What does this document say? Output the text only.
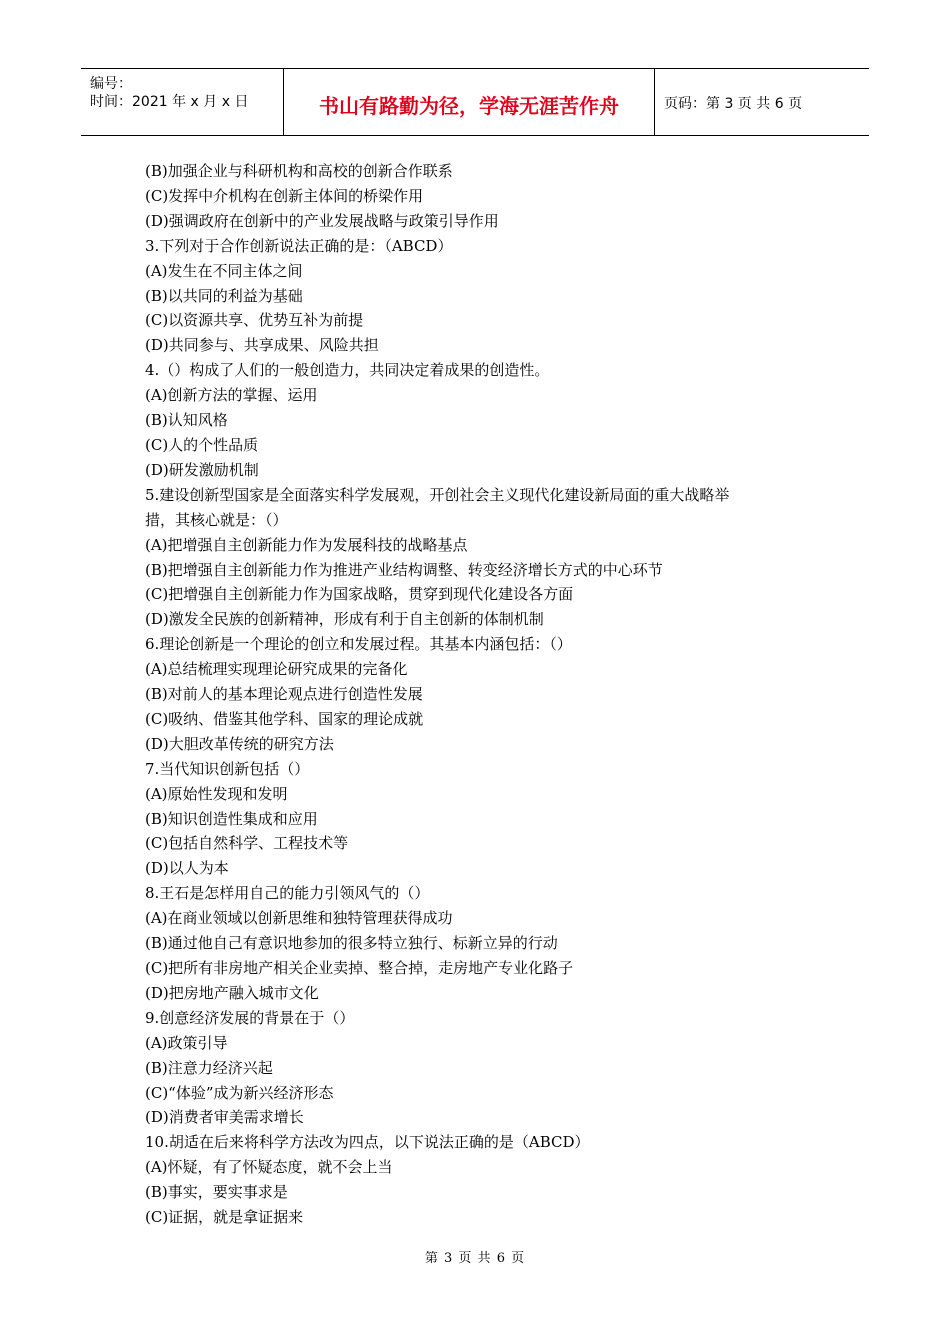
编号：
时间：2021 年 x 月 x 日	书山有路勤为径，学海无涯苦作舟	页码：第 3 页 共 6 页
(B)加强企业与科研机构和高校的创新合作联系
(C)发挥中介机构在创新主体间的桥梁作用
(D)强调政府在创新中的产业发展战略与政策引导作用
3.下列对于合作创新说法正确的是：（ABCD）
(A)发生在不同主体之间
(B)以共同的利益为基础
(C)以资源共享、优势互补为前提
(D)共同参与、共享成果、风险共担
4.（）构成了人们的一般创造力，共同决定着成果的创造性。
(A)创新方法的掌握、运用
(B)认知风格
(C)人的个性品质
(D)研发激励机制
5.建设创新型国家是全面落实科学发展观，开创社会主义现代化建设新局面的重大战略举
措，其核心就是：（）
(A)把增强自主创新能力作为发展科技的战略基点
(B)把增强自主创新能力作为推进产业结构调整、转变经济增长方式的中心环节
(C)把增强自主创新能力作为国家战略，贯穿到现代化建设各方面
(D)激发全民族的创新精神，形成有利于自主创新的体制机制
6.理论创新是一个理论的创立和发展过程。其基本内涵包括：（）
(A)总结梳理实现理论研究成果的完备化
(B)对前人的基本理论观点进行创造性发展
(C)吸纳、借鉴其他学科、国家的理论成就
(D)大胆改革传统的研究方法
7.当代知识创新包括（）
(A)原始性发现和发明
(B)知识创造性集成和应用
(C)包括自然科学、工程技术等
(D)以人为本
8.王石是怎样用自己的能力引领风气的（）
(A)在商业领域以创新思维和独特管理获得成功
(B)通过他自己有意识地参加的很多特立独行、标新立异的行动
(C)把所有非房地产相关企业卖掉、整合掉，走房地产专业化路子
(D)把房地产融入城市文化
9.创意经济发展的背景在于（）
(A)政策引导
(B)注意力经济兴起
(C)“体验”成为新兴经济形态
(D)消费者审美需求增长
10.胡适在后来将科学方法改为四点，以下说法正确的是（ABCD）
(A)怀疑，有了怀疑态度，就不会上当
(B)事实，要实事求是
(C)证据，就是拿证据来
第 3 页 共 6 页
